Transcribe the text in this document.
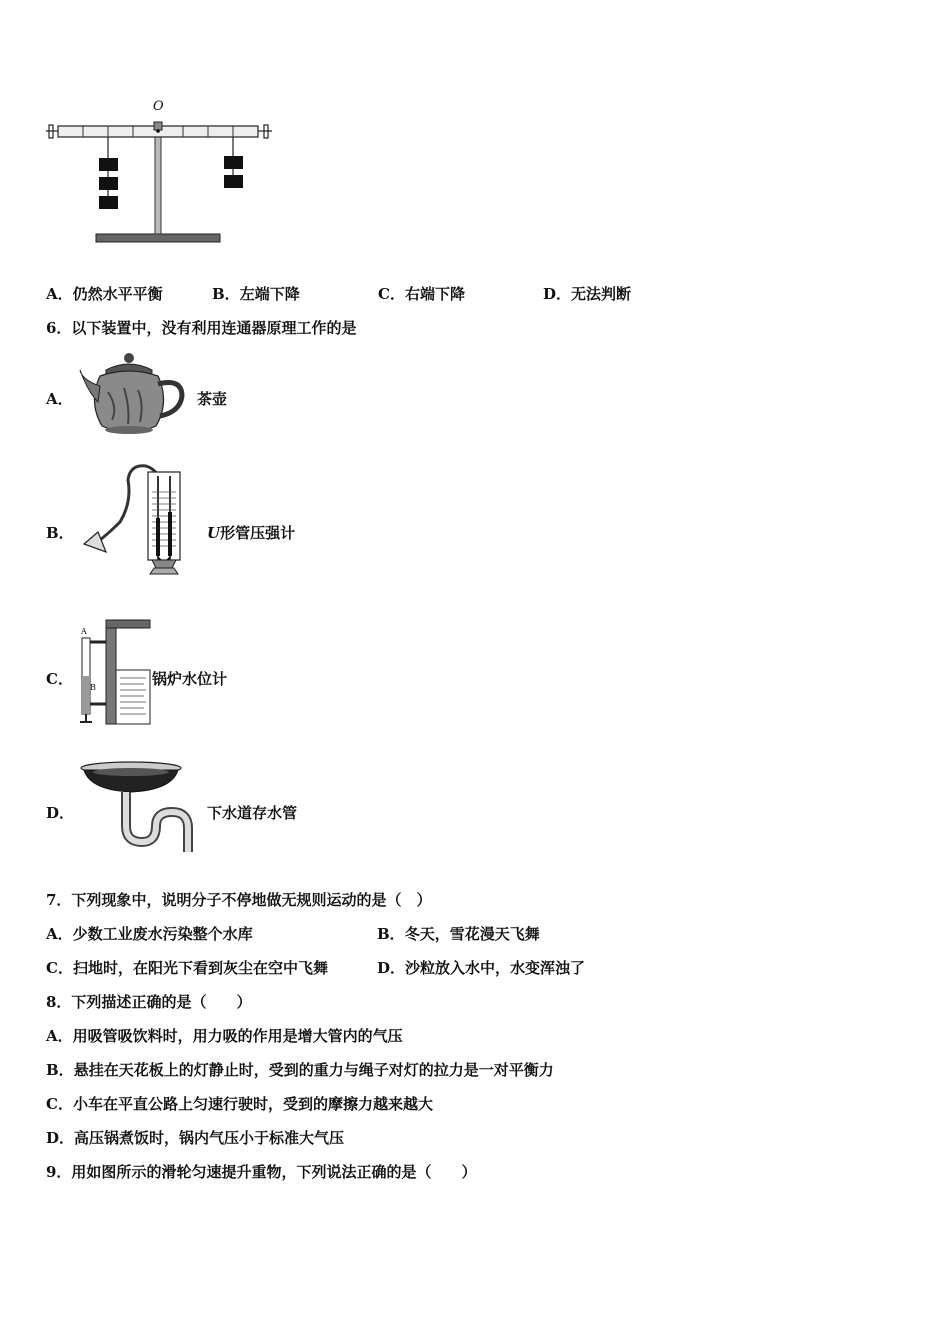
O
A．仍然水平平衡	B．左端下降	C．右端下降	D．无法判断
6．以下装置中，没有利用连通器原理工作的是
A．	茶壶
B．	U形管压强计
C．
A
B	锅炉水位计
D．	下水道存水管
7．下列现象中，说明分子不停地做无规则运动的是（　）
A．少数工业废水污染整个水库	B．冬天，雪花漫天飞舞
C．扫地时，在阳光下看到灰尘在空中飞舞	D．沙粒放入水中，水变浑浊了
8．下列描述正确的是（　　）
A．用吸管吸饮料时，用力吸的作用是增大管内的气压
B．悬挂在天花板上的灯静止时，受到的重力与绳子对灯的拉力是一对平衡力
C．小车在平直公路上匀速行驶时，受到的摩擦力越来越大
D．高压锅煮饭时，锅内气压小于标准大气压
9．用如图所示的滑轮匀速提升重物，下列说法正确的是（　　）
